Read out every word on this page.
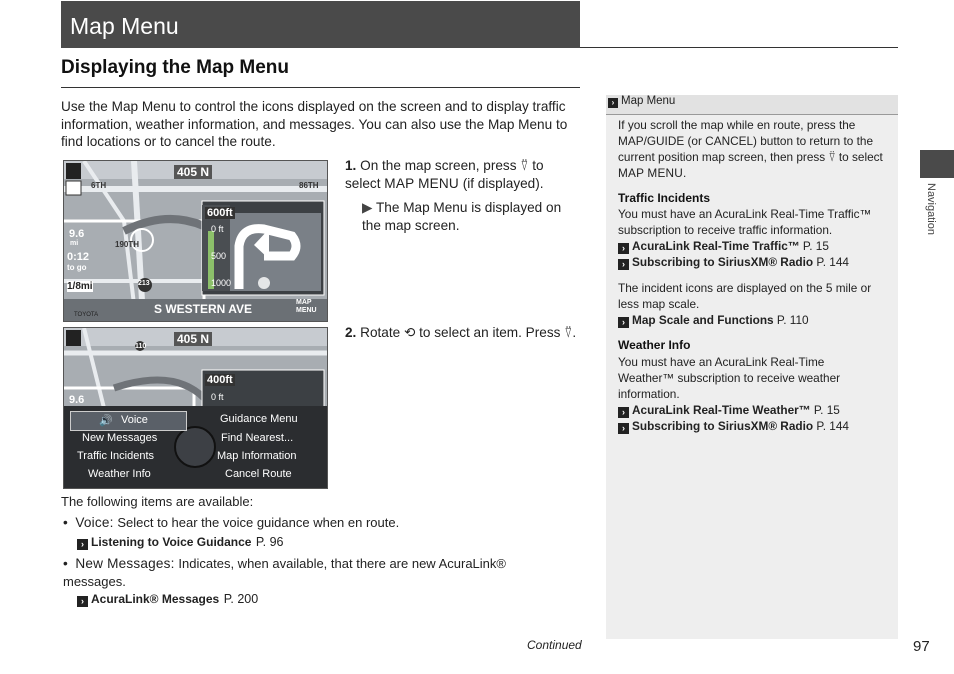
Map Menu
Displaying the Map Menu
Use the Map Menu to control the icons displayed on the screen and to display traffic information, weather information, and messages. You can also use the Map Menu to find locations or to cancel the route.
405 N
6TH	86TH
190TH
213
600ft
0 ft
500
1000
9.6
mi
0:12
to go
1/8mi
S WESTERN AVE	MAP
MENU
TOYOTA
405 N
110
400ft
0 ft
9.6
🔊 Voice
New Messages
Traffic Incidents
Weather Info
Guidance Menu
Find Nearest...
Map Information
Cancel Route
1. On the map screen, press ⍢ to select MAP MENU (if displayed).
▶ The Map Menu is displayed on the map screen.
2. Rotate ⟲ to select an item. Press ⍢.
The following items are available:
• Voice: Select to hear the voice guidance when en route.
› Listening to Voice Guidance P. 96
• New Messages: Indicates, when available, that there are new AcuraLink® messages.
› AcuraLink® Messages P. 200
Continued	97
› Map Menu
If you scroll the map while en route, press the MAP/GUIDE (or CANCEL) button to return to the current position map screen, then press ⍢ to select MAP MENU.
Traffic Incidents
You must have an AcuraLink Real-Time Traffic™ subscription to receive traffic information.
› AcuraLink Real-Time Traffic™ P. 15
› Subscribing to SiriusXM® Radio P. 144
The incident icons are displayed on the 5 mile or less map scale.
› Map Scale and Functions P. 110
Weather Info
You must have an AcuraLink Real-Time Weather™ subscription to receive weather information.
› AcuraLink Real-Time Weather™ P. 15
› Subscribing to SiriusXM® Radio P. 144
Navigation
